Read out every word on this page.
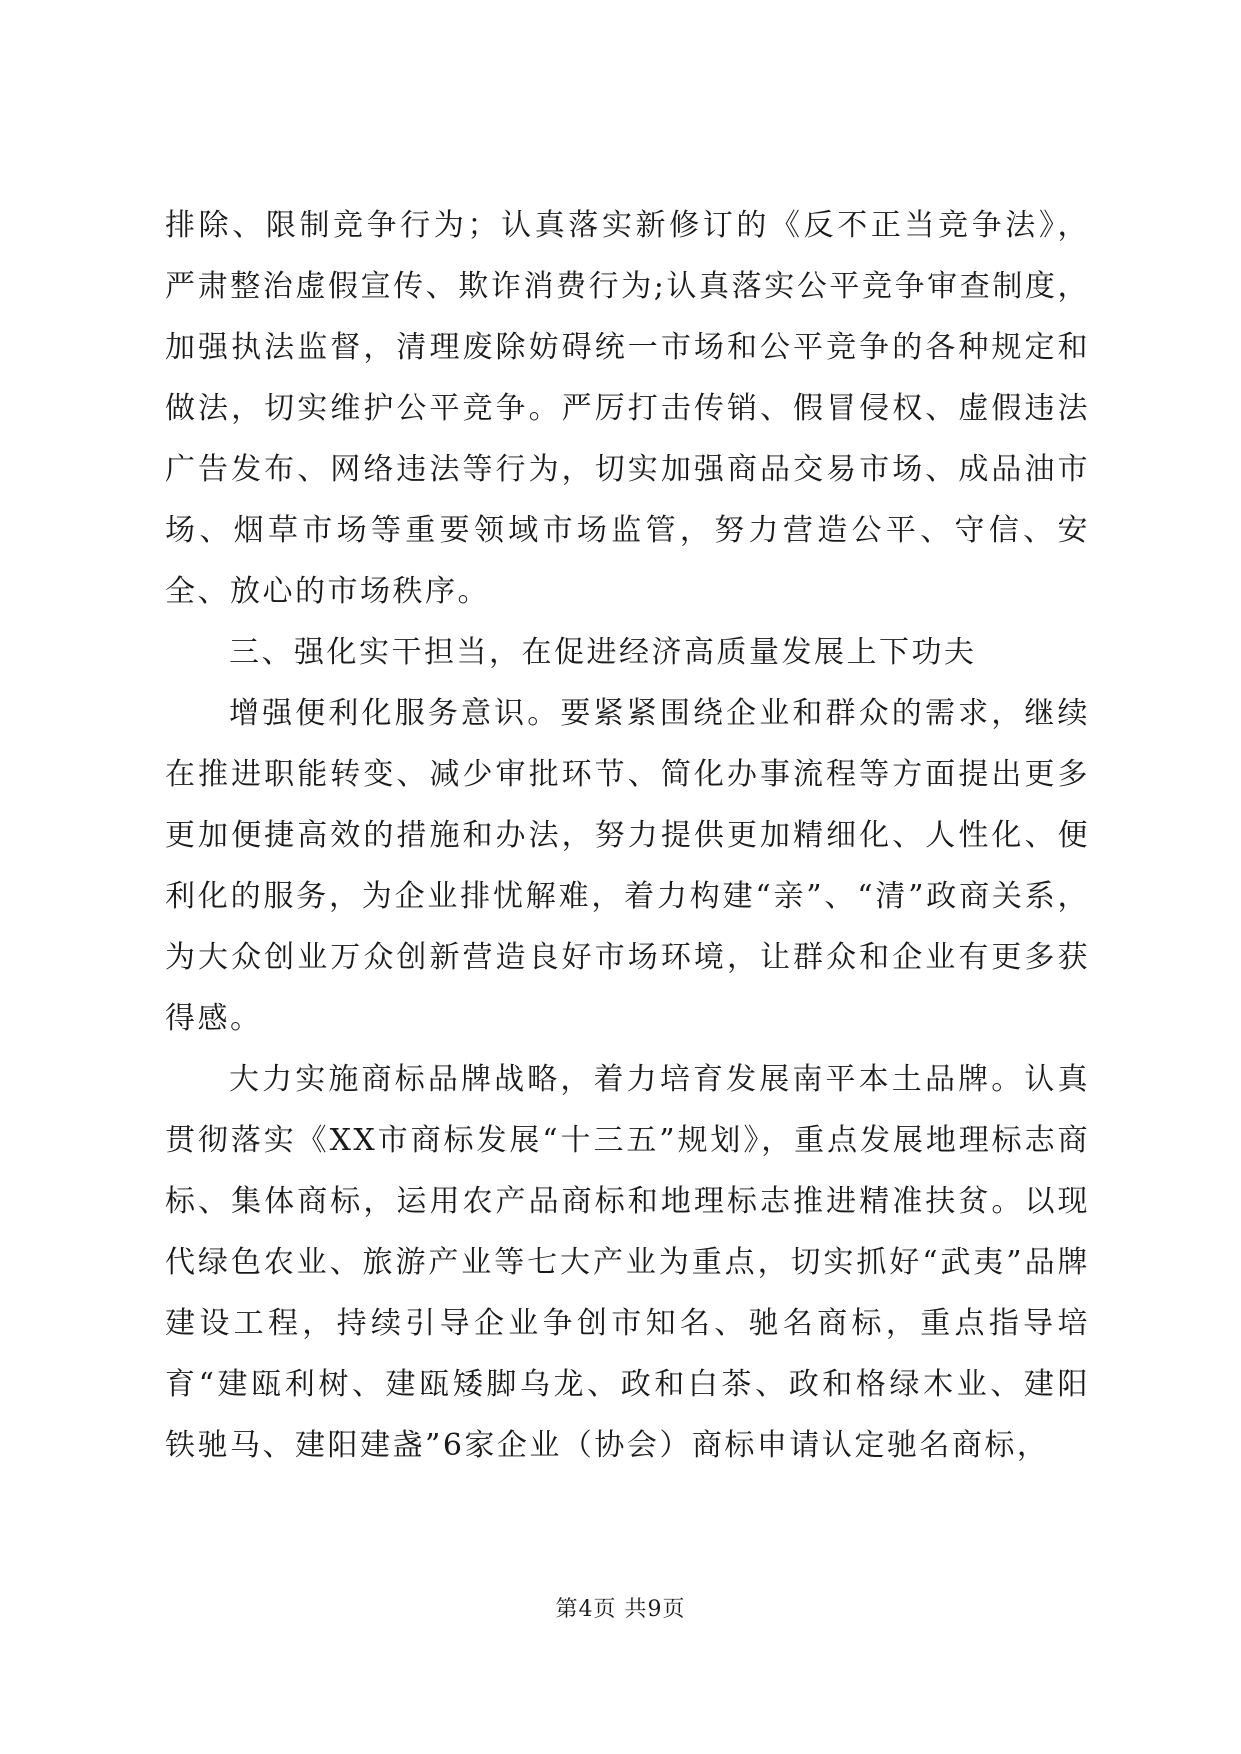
排除、限制竞争行为；认真落实新修订的《反不正当竞争法》，严肃整治虚假宣传、欺诈消费行为;认真落实公平竞争审查制度，加强执法监督，清理废除妨碍统一市场和公平竞争的各种规定和做法，切实维护公平竞争。严厉打击传销、假冒侵权、虚假违法广告发布、网络违法等行为，切实加强商品交易市场、成品油市场、烟草市场等重要领域市场监管，努力营造公平、守信、安全、放心的市场秩序。

三、强化实干担当，在促进经济高质量发展上下功夫

增强便利化服务意识。要紧紧围绕企业和群众的需求，继续在推进职能转变、减少审批环节、简化办事流程等方面提出更多更加便捷高效的措施和办法，努力提供更加精细化、人性化、便利化的服务，为企业排忧解难，着力构建“亲”、“清”政商关系，为大众创业万众创新营造良好市场环境，让群众和企业有更多获得感。

大力实施商标品牌战略，着力培育发展南平本土品牌。认真贯彻落实《XX市商标发展“十三五”规划》，重点发展地理标志商标、集体商标，运用农产品商标和地理标志推进精准扶贫。以现代绿色农业、旅游产业等七大产业为重点，切实抓好“武夷”品牌建设工程，持续引导企业争创市知名、驰名商标，重点指导培育“建瓯利树、建瓯矮脚乌龙、政和白茶、政和格绿木业、建阳铁驰马、建阳建盏”6家企业（协会）商标申请认定驰名商标，

第4页 共9页
